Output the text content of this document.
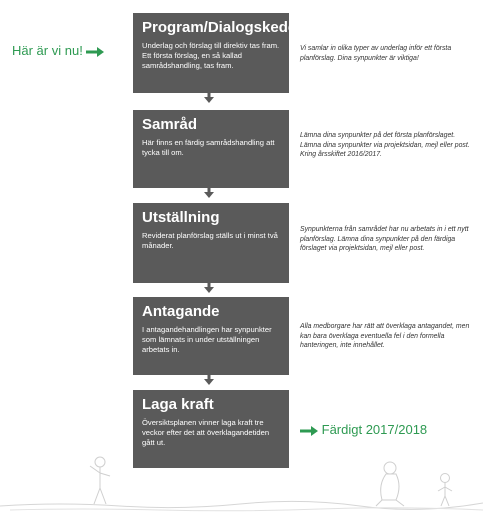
Här är vi nu!
Program/Dialogskede
Underlag och förslag till direktiv tas fram. Ett första förslag, en så kallad samrådshandling, tas fram.
Vi samlar in olika typer av underlag inför ett första planförslag. Dina synpunkter är viktiga!
Samråd
Här finns en färdig samrådshandling att tycka till om.
Lämna dina synpunkter på det första planförslaget. Lämna dina synpunkter via projektsidan, mejl eller post. Kring årsskiftet 2016/2017.
Utställning
Reviderat planförslag ställs ut i minst två månader.
Synpunkterna från samrådet har nu arbetats in i ett nytt planförslag. Lämna dina synpunkter på den färdiga förslaget via projektsidan, mejl eller post.
Antagande
I antagandehandlingen har synpunkter som lämnats in under utställningen arbetats in.
Alla medborgare har rätt att överklaga antagandet, men kan bara överklaga eventuella fel i den formella hanteringen, inte innehållet.
Laga kraft
Översiktsplanen vinner laga kraft tre veckor efter det att överklagandetiden gått ut.
Färdigt 2017/2018
